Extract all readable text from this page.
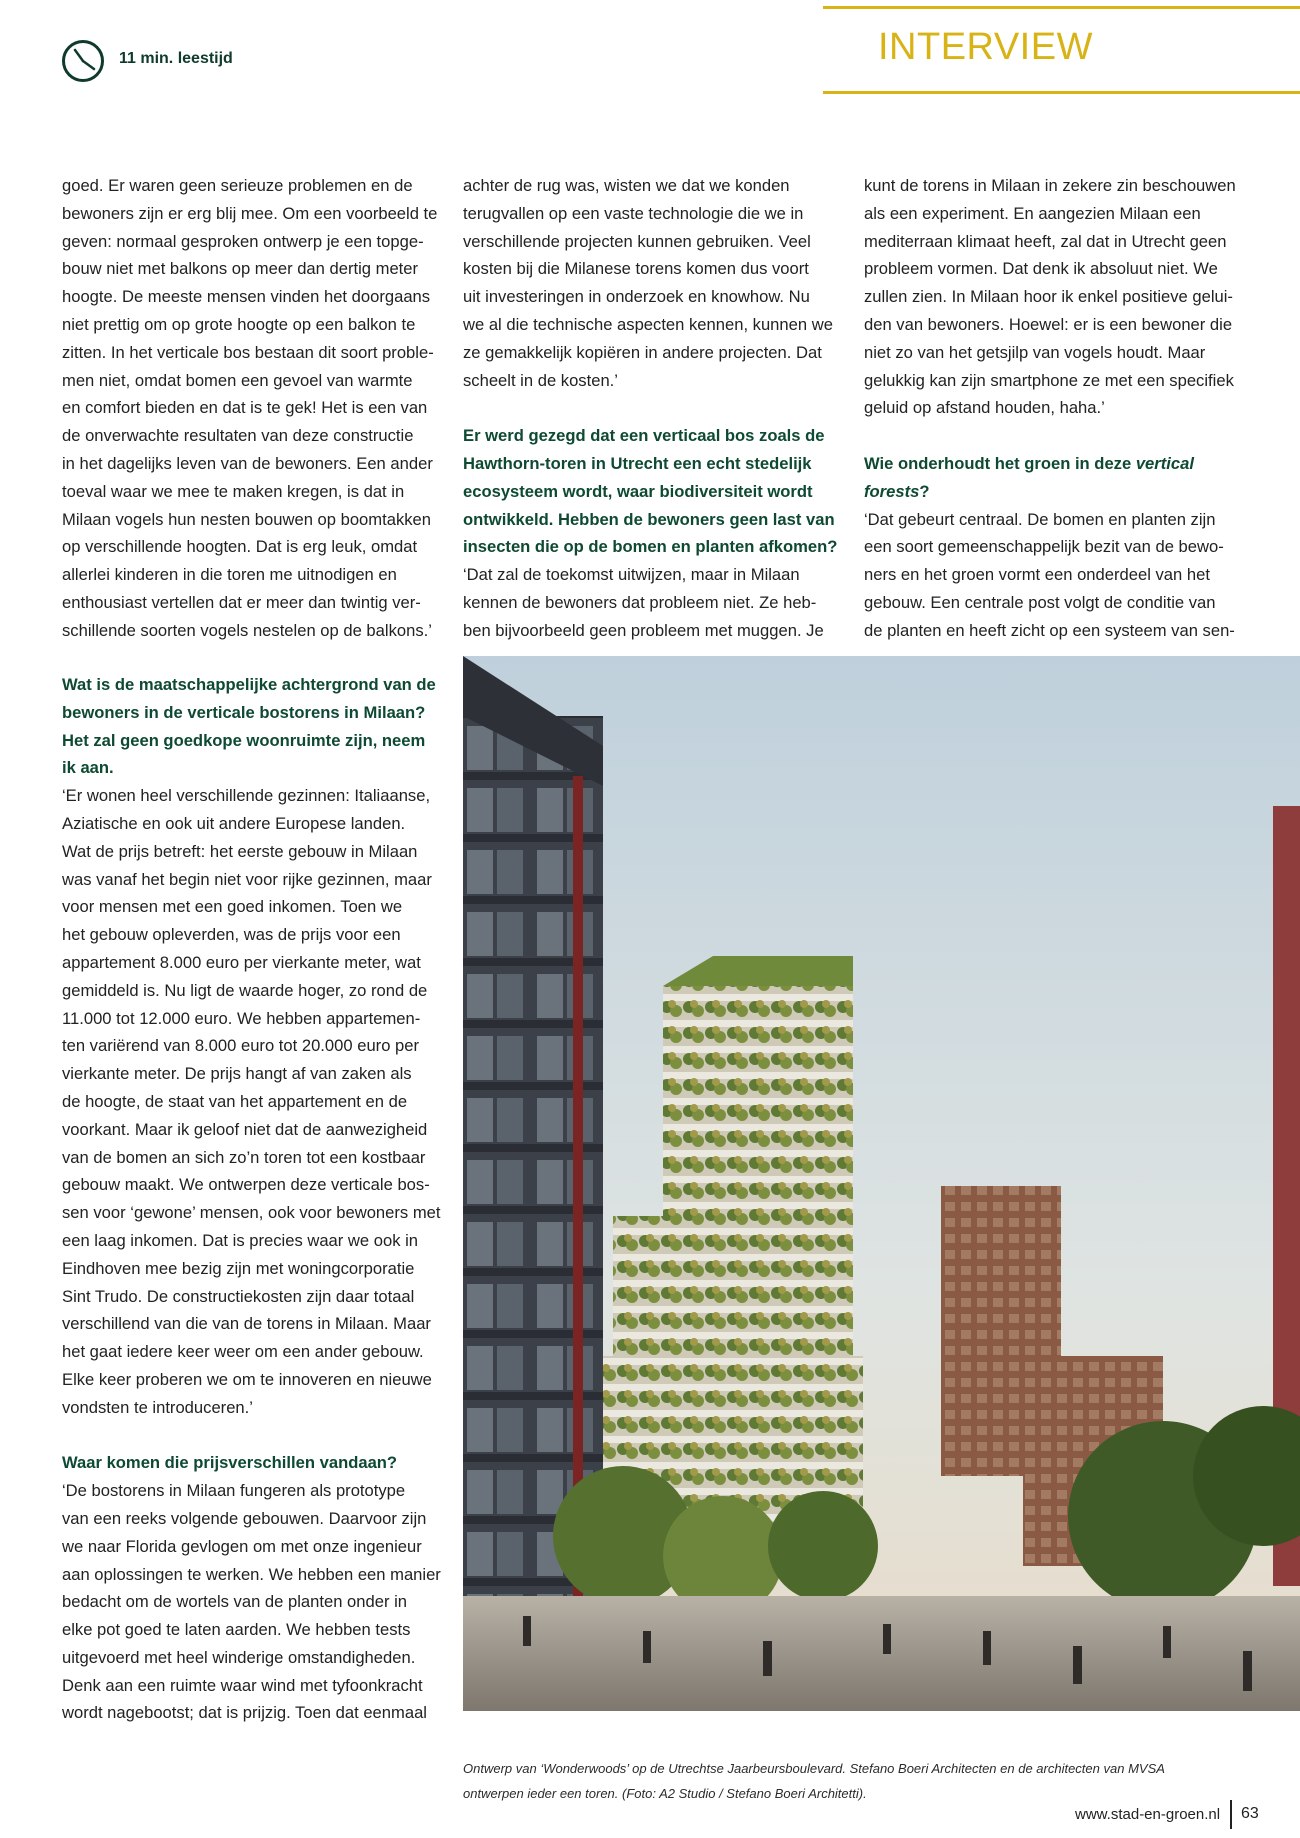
11 min. leestijd	INTERVIEW

goed. Er waren geen serieuze problemen en de

bewoners zijn er erg blij mee. Om een voorbeeld te

geven: normaal gesproken ontwerp je een topge-

bouw niet met balkons op meer dan dertig meter

hoogte. De meeste mensen vinden het doorgaans

niet prettig om op grote hoogte op een balkon te

zitten. In het verticale bos bestaan dit soort proble-

men niet, omdat bomen een gevoel van warmte

en comfort bieden en dat is te gek! Het is een van

de onverwachte resultaten van deze constructie

in het dagelijks leven van de bewoners. Een ander

toeval waar we mee te maken kregen, is dat in

Milaan vogels hun nesten bouwen op boomtakken

op verschillende hoogten. Dat is erg leuk, omdat

allerlei kinderen in die toren me uitnodigen en

enthousiast vertellen dat er meer dan twintig ver-

schillende soorten vogels nestelen op de balkons.’

Wat is de maatschappelijke achtergrond van de

bewoners in de verticale bostorens in Milaan?

Het zal geen goedkope woonruimte zijn, neem

ik aan.

‘Er wonen heel verschillende gezinnen: Italiaanse,

Aziatische en ook uit andere Europese landen.

Wat de prijs betreft: het eerste gebouw in Milaan

was vanaf het begin niet voor rijke gezinnen, maar

voor mensen met een goed inkomen. Toen we

het gebouw opleverden, was de prijs voor een

appartement 8.000 euro per vierkante meter, wat

gemiddeld is. Nu ligt de waarde hoger, zo rond de

11.000 tot 12.000 euro. We hebben appartemen-

ten variërend van 8.000 euro tot 20.000 euro per

vierkante meter. De prijs hangt af van zaken als

de hoogte, de staat van het appartement en de

voorkant. Maar ik geloof niet dat de aanwezigheid

van de bomen an sich zo’n toren tot een kostbaar

gebouw maakt. We ontwerpen deze verticale bos-

sen voor ‘gewone’ mensen, ook voor bewoners met

een laag inkomen. Dat is precies waar we ook in

Eindhoven mee bezig zijn met woningcorporatie

Sint Trudo. De constructiekosten zijn daar totaal

verschillend van die van de torens in Milaan. Maar

het gaat iedere keer weer om een ander gebouw.

Elke keer proberen we om te innoveren en nieuwe

vondsten te introduceren.’

Waar komen die prijsverschillen vandaan?

‘De bostorens in Milaan fungeren als prototype

van een reeks volgende gebouwen. Daarvoor zijn

we naar Florida gevlogen om met onze ingenieur

aan oplossingen te werken. We hebben een manier

bedacht om de wortels van de planten onder in

elke pot goed te laten aarden. We hebben tests

uitgevoerd met heel winderige omstandigheden.

Denk aan een ruimte waar wind met tyfoonkracht

wordt nagebootst; dat is prijzig. Toen dat eenmaal

achter de rug was, wisten we dat we konden

terugvallen op een vaste technologie die we in

verschillende projecten kunnen gebruiken. Veel

kosten bij die Milanese torens komen dus voort

uit investeringen in onderzoek en knowhow. Nu

we al die technische aspecten kennen, kunnen we

ze gemakkelijk kopiëren in andere projecten. Dat

scheelt in de kosten.’

Er werd gezegd dat een verticaal bos zoals de

Hawthorn-toren in Utrecht een echt stedelijk

ecosysteem wordt, waar biodiversiteit wordt

ontwikkeld. Hebben de bewoners geen last van

insecten die op de bomen en planten afkomen?

‘Dat zal de toekomst uitwijzen, maar in Milaan

kennen de bewoners dat probleem niet. Ze heb-

ben bijvoorbeeld geen probleem met muggen. Je

kunt de torens in Milaan in zekere zin beschouwen

als een experiment. En aangezien Milaan een

mediterraan klimaat heeft, zal dat in Utrecht geen

probleem vormen. Dat denk ik absoluut niet. We

zullen zien. In Milaan hoor ik enkel positieve gelui-

den van bewoners. Hoewel: er is een bewoner die

niet zo van het getsjilp van vogels houdt. Maar

gelukkig kan zijn smartphone ze met een specifiek

geluid op afstand houden, haha.’

Wie onderhoudt het groen in deze vertical

forests?

‘Dat gebeurt centraal. De bomen en planten zijn

een soort gemeenschappelijk bezit van de bewo-

ners en het groen vormt een onderdeel van het

gebouw. Een centrale post volgt de conditie van

de planten en heeft zicht op een systeem van sen-

Ontwerp van ‘Wonderwoods’ op de Utrechtse Jaarbeursboulevard. Stefano Boeri Architecten en de architecten van MVSA

ontwerpen ieder een toren. (Foto: A2 Studio / Stefano Boeri Architetti).

www.stad-en-groen.nl 63
